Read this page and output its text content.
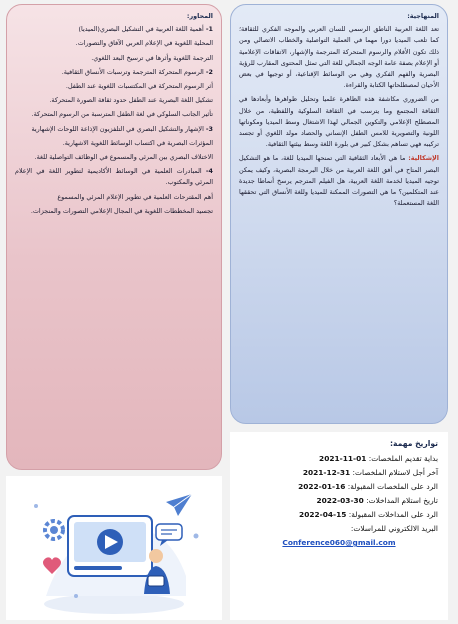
المنهاجية:

تعد اللغة العربية الناطق الرسمي للسان العربي والموجه الفكري للثقافة؛ كما تلعب الميديا دورا مهما في العملية التواصلية والخطاب الاتصالي ومن ذلك تكون الأفلام والرسوم المتحركة المترجمة والإشهار، الاتفاقات الإعلامية أو الإعلام بصفة عامة الوجه الجمالي للغة التي تمثل المحتوى المقارب للرؤية البصرية والفهم الفكري وهي من الوسائط الإقناعية، أو توجيها في بعض الأحيان لمصطلحاتها الكتابة والقراءة.

من الضروري مكاشفة هذه الظاهرة علميا وتحليل ظواهرها وأبعادها في الثقافة المجتمع وما يترسب في الثقافة السلوكية واللفظية، من خلال المصطلح الإعلامي والتكوين الجمالي لهذا الاشتغال وسط الميديا ومكوناتها اللونية والتصويرية للامس الطفل الإنساني والحصاد مولد اللغوي أو تجسد تركيبه فهي تساهم بشكل كبير في بلورة اللغة وسط بيئتها الثقافية.

الإشكالية: ما هي الأبعاد الثقافية التي تمنحها الميديا للغة، ما هو التشكيل البصر المتاح في أفق اللغة العربية من خلال البرمجة البصرية، وكيف يمكن توجيه الميديا لخدمة اللغة العربية، هل الفيلم المترجم يرسخ أنماطا جديدة عند المتكلمين؟ ما هي التصورات الممكنة للميديا وللغة الأنساق التي تحققها اللغة المستعملة؟

المحاور:

1- أهمية اللغة العربية في التشكيل البصري(الميديا)

المحلية اللغوية في الإعلام العربي الآفاق والتصورات.

الترجمة اللغوية وأثرها في ترسيخ البعد اللغوي.

2- الرسوم المتحركة المترجمة وترسبات الأنساق الثقافية.

أثر الرسوم المتحركة في المكتسبات اللغوية عند الطفل.

تشكيل اللغة البصرية عند الطفل حدود ثقافة الصورة المتحركة.

تأثير الجانب السلوكي في لغة الطفل المترسبة من الرسوم المتحركة.

3- الإشهار والتشكيل البصري في التلفزيون الإذاعة اللوحات الإشهارية

المؤثرات البصرية في اكتساب الوسائط اللغوية الاشهارية.

الاختلاف البصري بين المرئي والمسموع في الوظائف التواصلية للغة.

4- المبادرات العلمية في الوسائط الأكاديمية لتطوير اللغة في الإعلام المرئي والمكتوب.

أهم المقترحات العلمية في تطوير الإعلام المرئي والمسموع

تجسيد المخططات اللغوية في المجال الإعلامي التصورات والمنجزات.

تواريخ مهمة:
بداية تقديم الملخصات: 01-11-2021
آخر أجل لاستلام الملخصات: 31-12-2021
الرد على الملخصات المقبولة: 16-01-2022
تاريخ استلام المداخلات: 30-03-2022
الرد على المداخلات المقبولة: 15-04-2022
البريد الالكتروني للمراسلات:
Conference060@gmail.com
